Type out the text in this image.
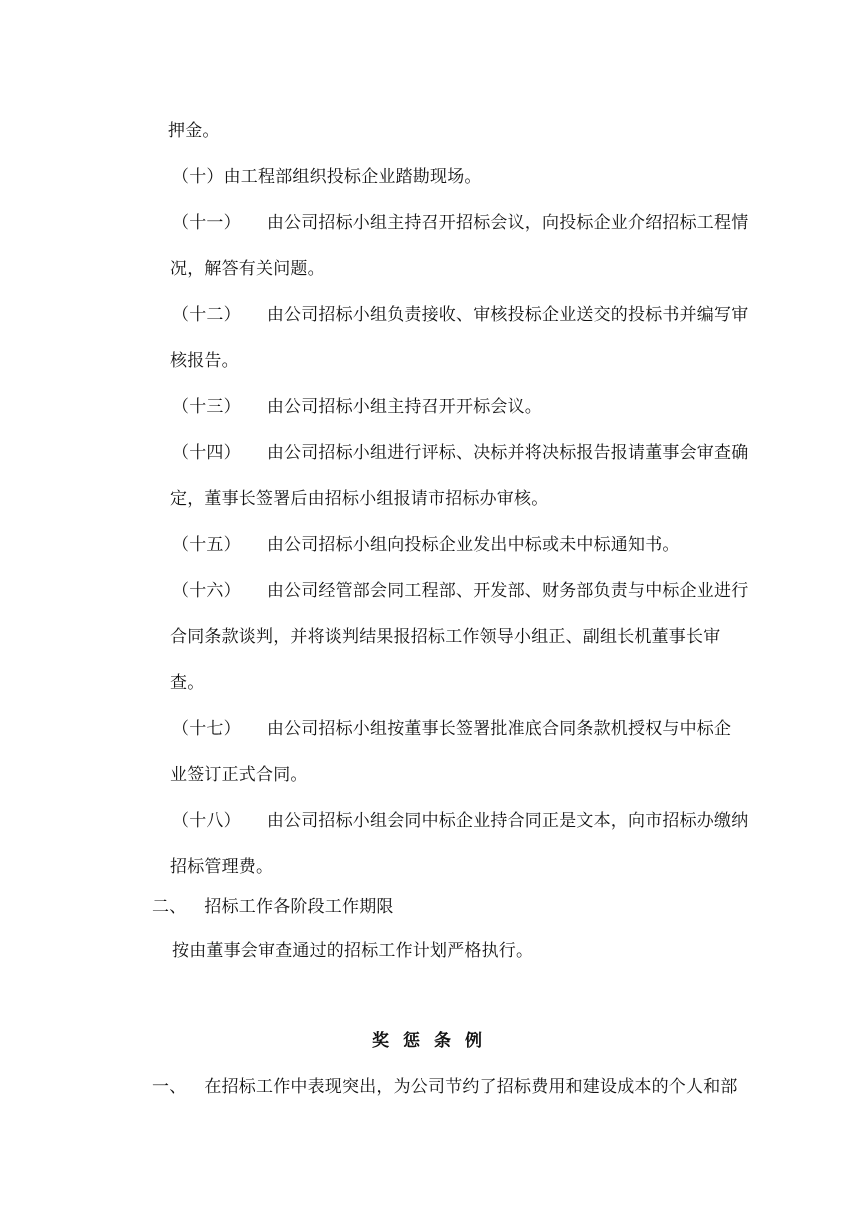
押金。
（十）由工程部组织投标企业踏勘现场。
（十一） 由公司招标小组主持召开招标会议，向投标企业介绍招标工程情
况，解答有关问题。
（十二） 由公司招标小组负责接收、审核投标企业送交的投标书并编写审
核报告。
（十三） 由公司招标小组主持召开开标会议。
（十四） 由公司招标小组进行评标、决标并将决标报告报请董事会审查确
定，董事长签署后由招标小组报请市招标办审核。
（十五） 由公司招标小组向投标企业发出中标或未中标通知书。
（十六） 由公司经管部会同工程部、开发部、财务部负责与中标企业进行
合同条款谈判，并将谈判结果报招标工作领导小组正、副组长机董事长审
查。
（十七） 由公司招标小组按董事长签署批准底合同条款机授权与中标企
业签订正式合同。
（十八） 由公司招标小组会同中标企业持合同正是文本，向市招标办缴纳
招标管理费。
二、 招标工作各阶段工作期限
按由董事会审查通过的招标工作计划严格执行。
奖惩条例
一、 在招标工作中表现突出，为公司节约了招标费用和建设成本的个人和部
